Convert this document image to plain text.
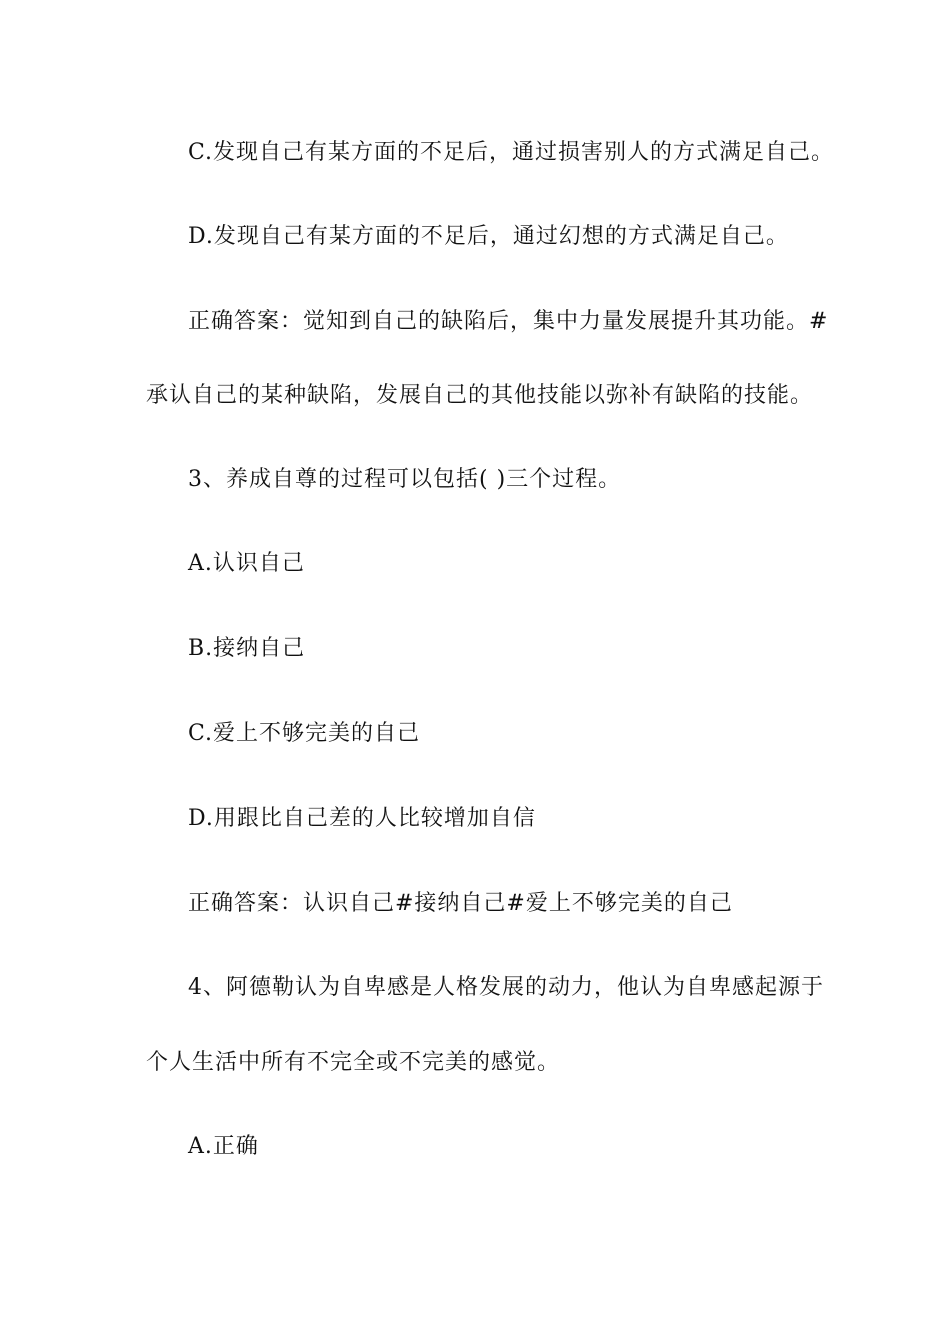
C.发现自己有某方面的不足后，通过损害别人的方式满足自己。
D.发现自己有某方面的不足后，通过幻想的方式满足自己。
正确答案：觉知到自己的缺陷后，集中力量发展提升其功能。#
承认自己的某种缺陷，发展自己的其他技能以弥补有缺陷的技能。
3、养成自尊的过程可以包括( )三个过程。
A.认识自己
B.接纳自己
C.爱上不够完美的自己
D.用跟比自己差的人比较增加自信
正确答案：认识自己#接纳自己#爱上不够完美的自己
4、阿德勒认为自卑感是人格发展的动力，他认为自卑感起源于
个人生活中所有不完全或不完美的感觉。
A.正确
